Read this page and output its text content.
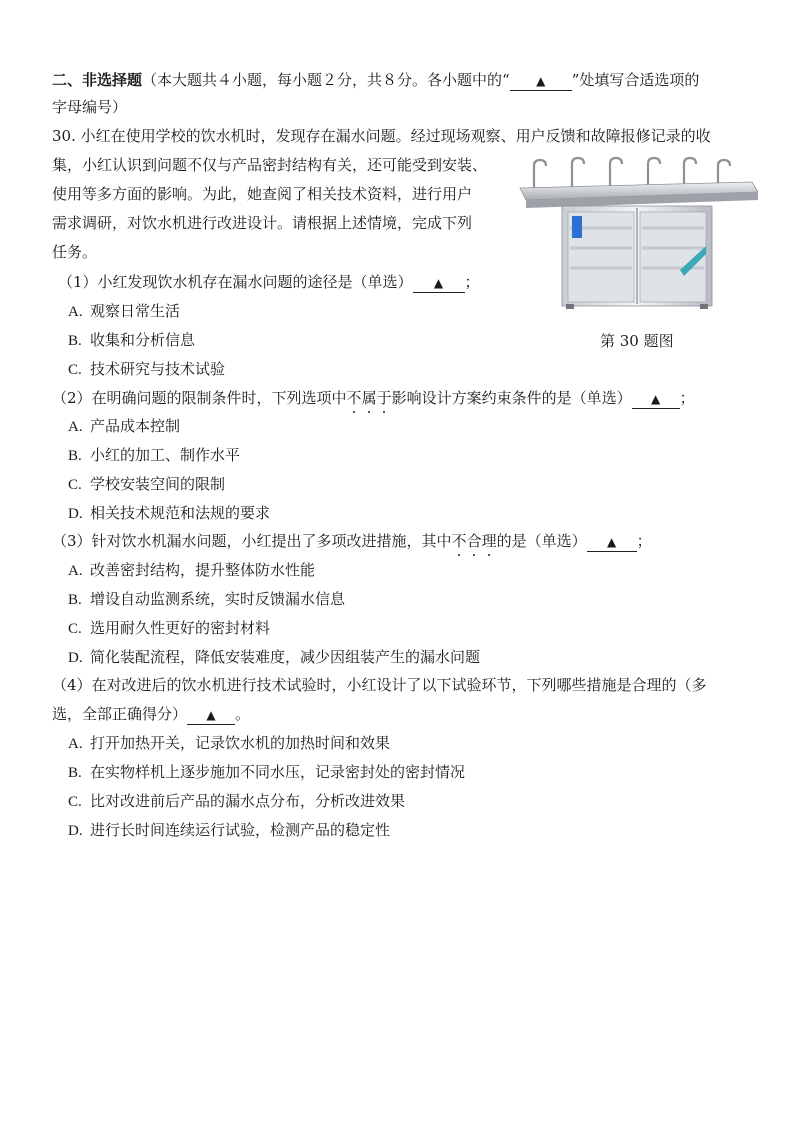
二、非选择题（本大题共４小题，每小题２分，共８分。各小题中的“ ▲ ”处填写合适选项的
字母编号）
30. 小红在使用学校的饮水机时，发现存在漏水问题。经过现场观察、用户反馈和故障报修记录的收
集，小红认识到问题不仅与产品密封结构有关，还可能受到安装、
使用等多方面的影响。为此，她查阅了相关技术资料，进行用户
需求调研，对饮水机进行改进设计。请根据上述情境，完成下列
任务。
第 30 题图
（1）小红发现饮水机存在漏水问题的途径是（单选） ▲ ；
A. 观察日常生活
B. 收集和分析信息
C. 技术研究与技术试验
（2）在明确问题的限制条件时，下列选项中不属于影响设计方案约束条件的是（单选） ▲ ；
A. 产品成本控制
B. 小红的加工、制作水平
C. 学校安装空间的限制
D. 相关技术规范和法规的要求
（3）针对饮水机漏水问题，小红提出了多项改进措施，其中不合理的是（单选） ▲ ；
A. 改善密封结构，提升整体防水性能
B. 增设自动监测系统，实时反馈漏水信息
C. 选用耐久性更好的密封材料
D. 简化装配流程，降低安装难度，减少因组装产生的漏水问题
（4）在对改进后的饮水机进行技术试验时，小红设计了以下试验环节，下列哪些措施是合理的（多
选，全部正确得分） ▲ 。
A. 打开加热开关，记录饮水机的加热时间和效果
B. 在实物样机上逐步施加不同水压，记录密封处的密封情况
C. 比对改进前后产品的漏水点分布，分析改进效果
D. 进行长时间连续运行试验，检测产品的稳定性
